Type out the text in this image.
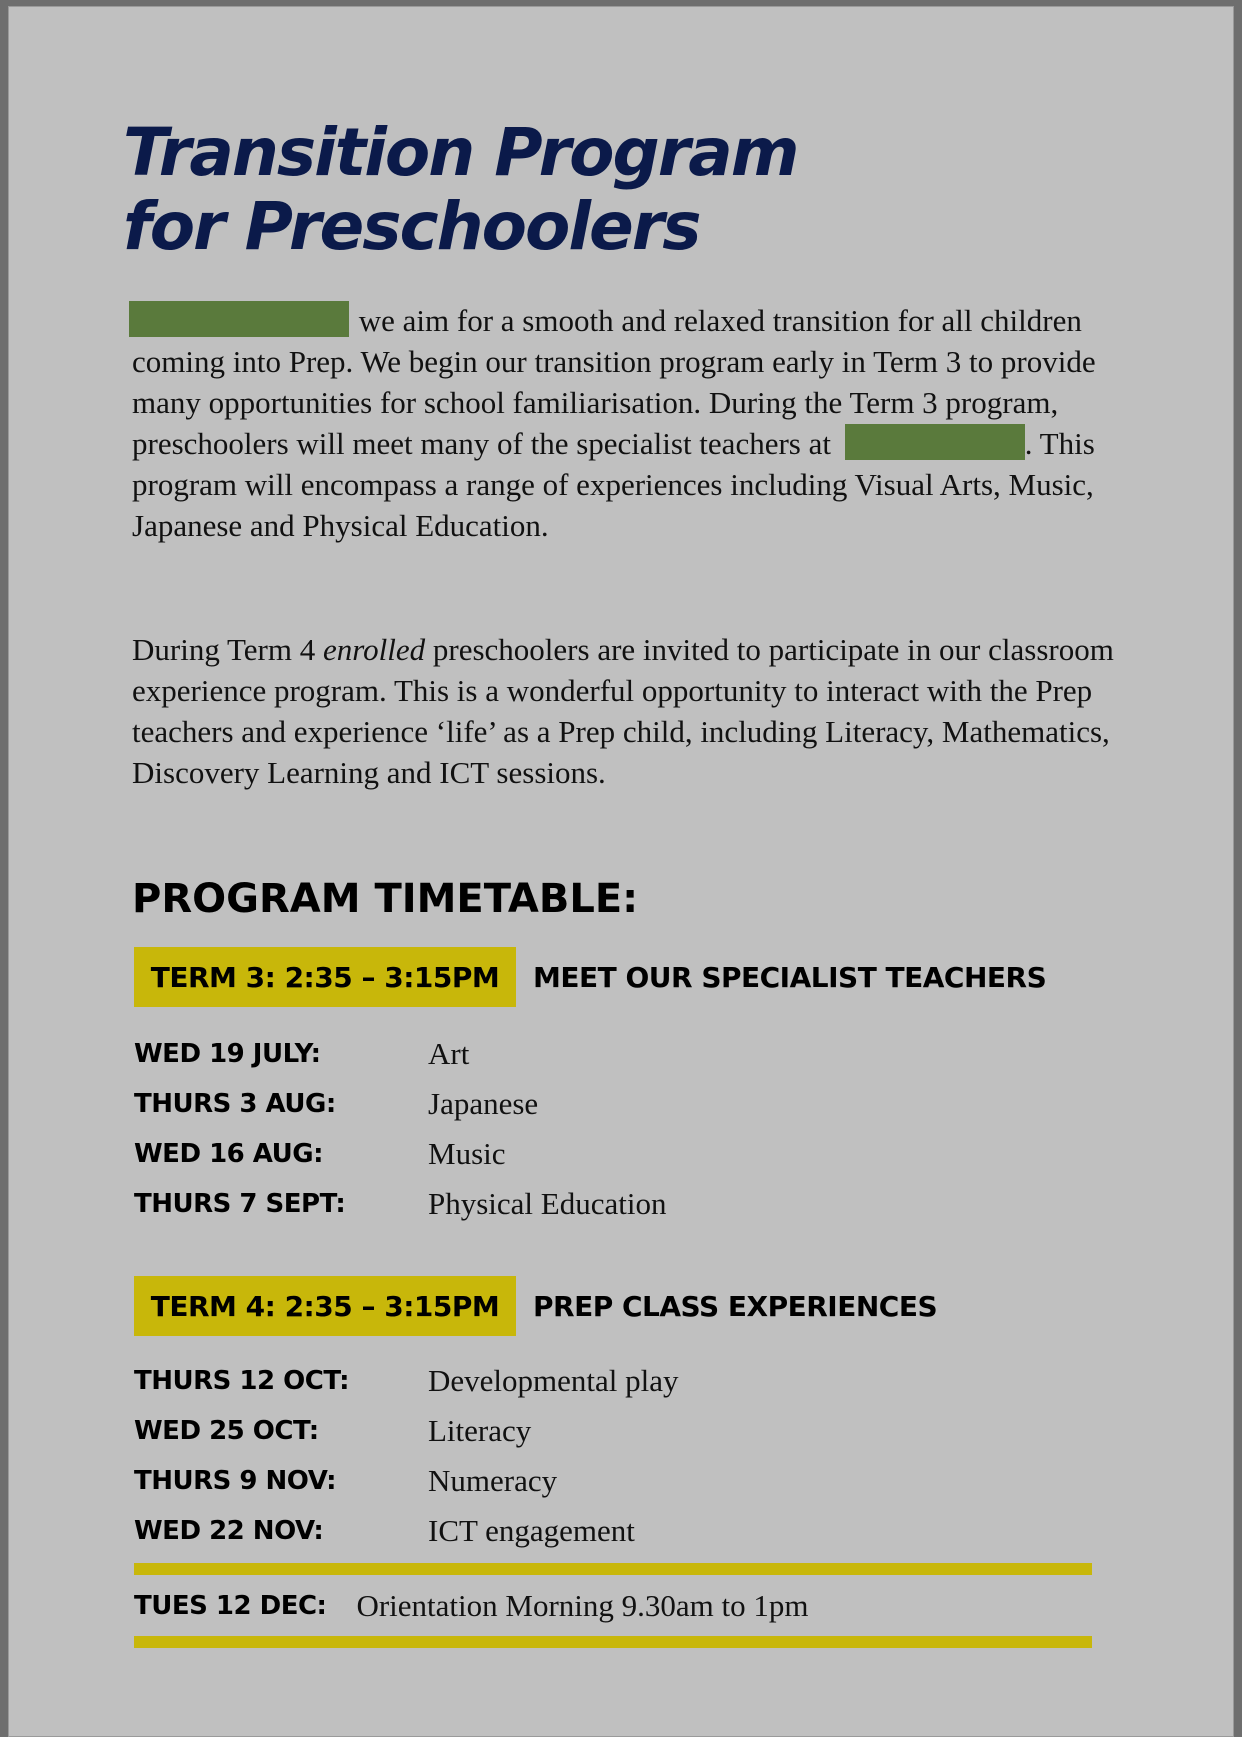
Transition Program
for Preschoolers

we aim for a smooth and relaxed transition for all children coming into Prep. We begin our transition program early in Term 3 to provide many opportunities for school familiarisation. During the Term 3 program, preschoolers will meet many of the specialist teachers at	. This program will encompass a range of experiences including Visual Arts, Music, Japanese and Physical Education.

During Term 4 enrolled preschoolers are invited to participate in our classroom experience program. This is a wonderful opportunity to interact with the Prep teachers and experience ‘life’ as a Prep child, including Literacy, Mathematics, Discovery Learning and ICT sessions.

PROGRAM TIMETABLE:
TERM 3: 2:35 – 3:15PM	MEET OUR SPECIALIST TEACHERS
WED 19 JULY:	Art
THURS 3 AUG:	Japanese
WED 16 AUG:	Music
THURS 7 SEPT:	Physical Education
TERM 4: 2:35 – 3:15PM	PREP CLASS EXPERIENCES
THURS 12 OCT:	Developmental play
WED 25 OCT:	Literacy
THURS 9 NOV:	Numeracy
WED 22 NOV:	ICT engagement
TUES 12 DEC: Orientation Morning 9.30am to 1pm
